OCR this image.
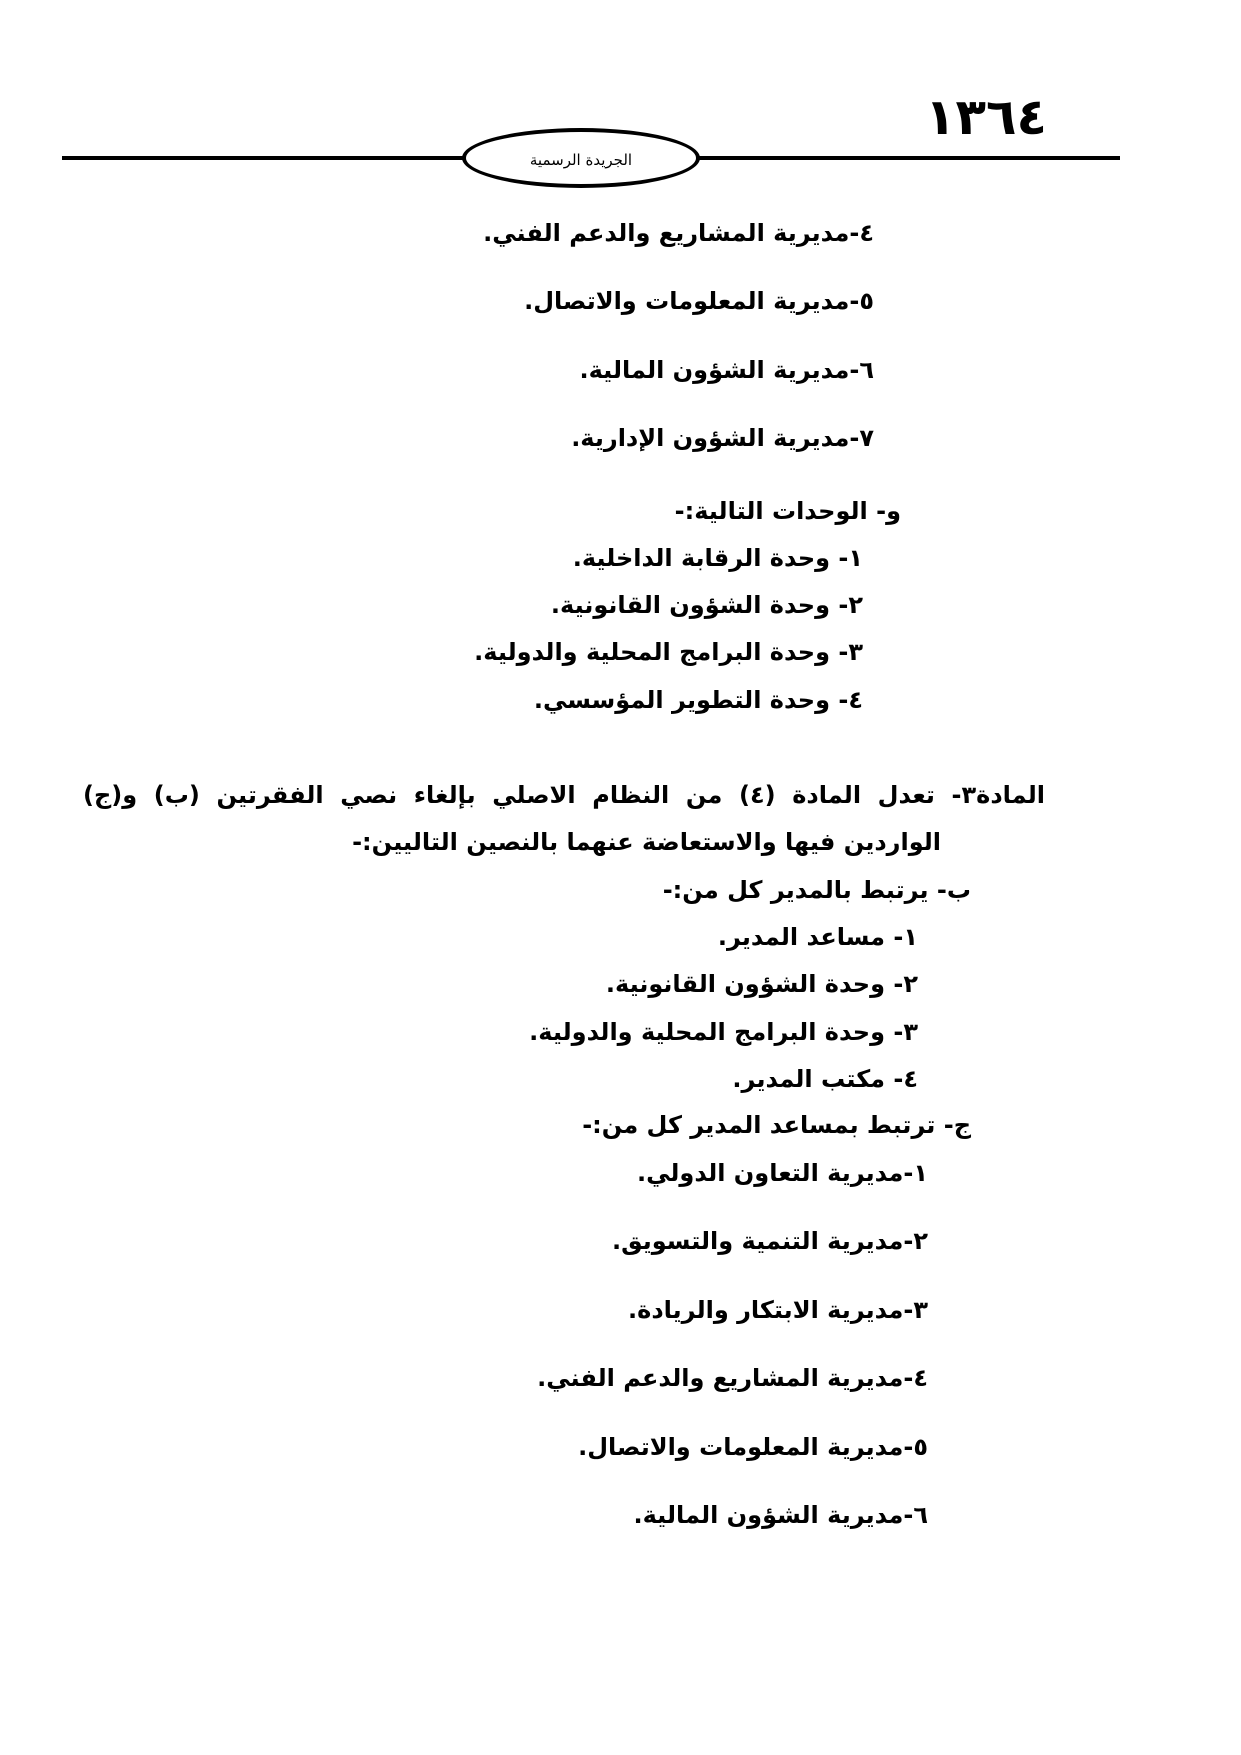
١٣٦٤
الجريدة الرسمية
٤-مديرية المشاريع والدعم الفني.
٥-مديرية المعلومات والاتصال.
٦-مديرية الشؤون المالية.
٧-مديرية الشؤون الإدارية.
و- الوحدات التالية:-
١- وحدة الرقابة الداخلية.
٢- وحدة الشؤون القانونية.
٣- وحدة البرامج المحلية والدولية.
٤- وحدة التطوير المؤسسي.
المادة٣- تعدل المادة (٤) من النظام الاصلي بإلغاء نصي الفقرتين (ب) و(ج)
الواردين فيها والاستعاضة عنهما بالنصين التاليين:-
ب- يرتبط بالمدير كل من:-
١- مساعد المدير.
٢- وحدة الشؤون القانونية.
٣- وحدة البرامج المحلية والدولية.
٤- مكتب المدير.
ج- ترتبط بمساعد المدير كل من:-
١-مديرية التعاون الدولي.
٢-مديرية التنمية والتسويق.
٣-مديرية الابتكار والريادة.
٤-مديرية المشاريع والدعم الفني.
٥-مديرية المعلومات والاتصال.
٦-مديرية الشؤون المالية.
